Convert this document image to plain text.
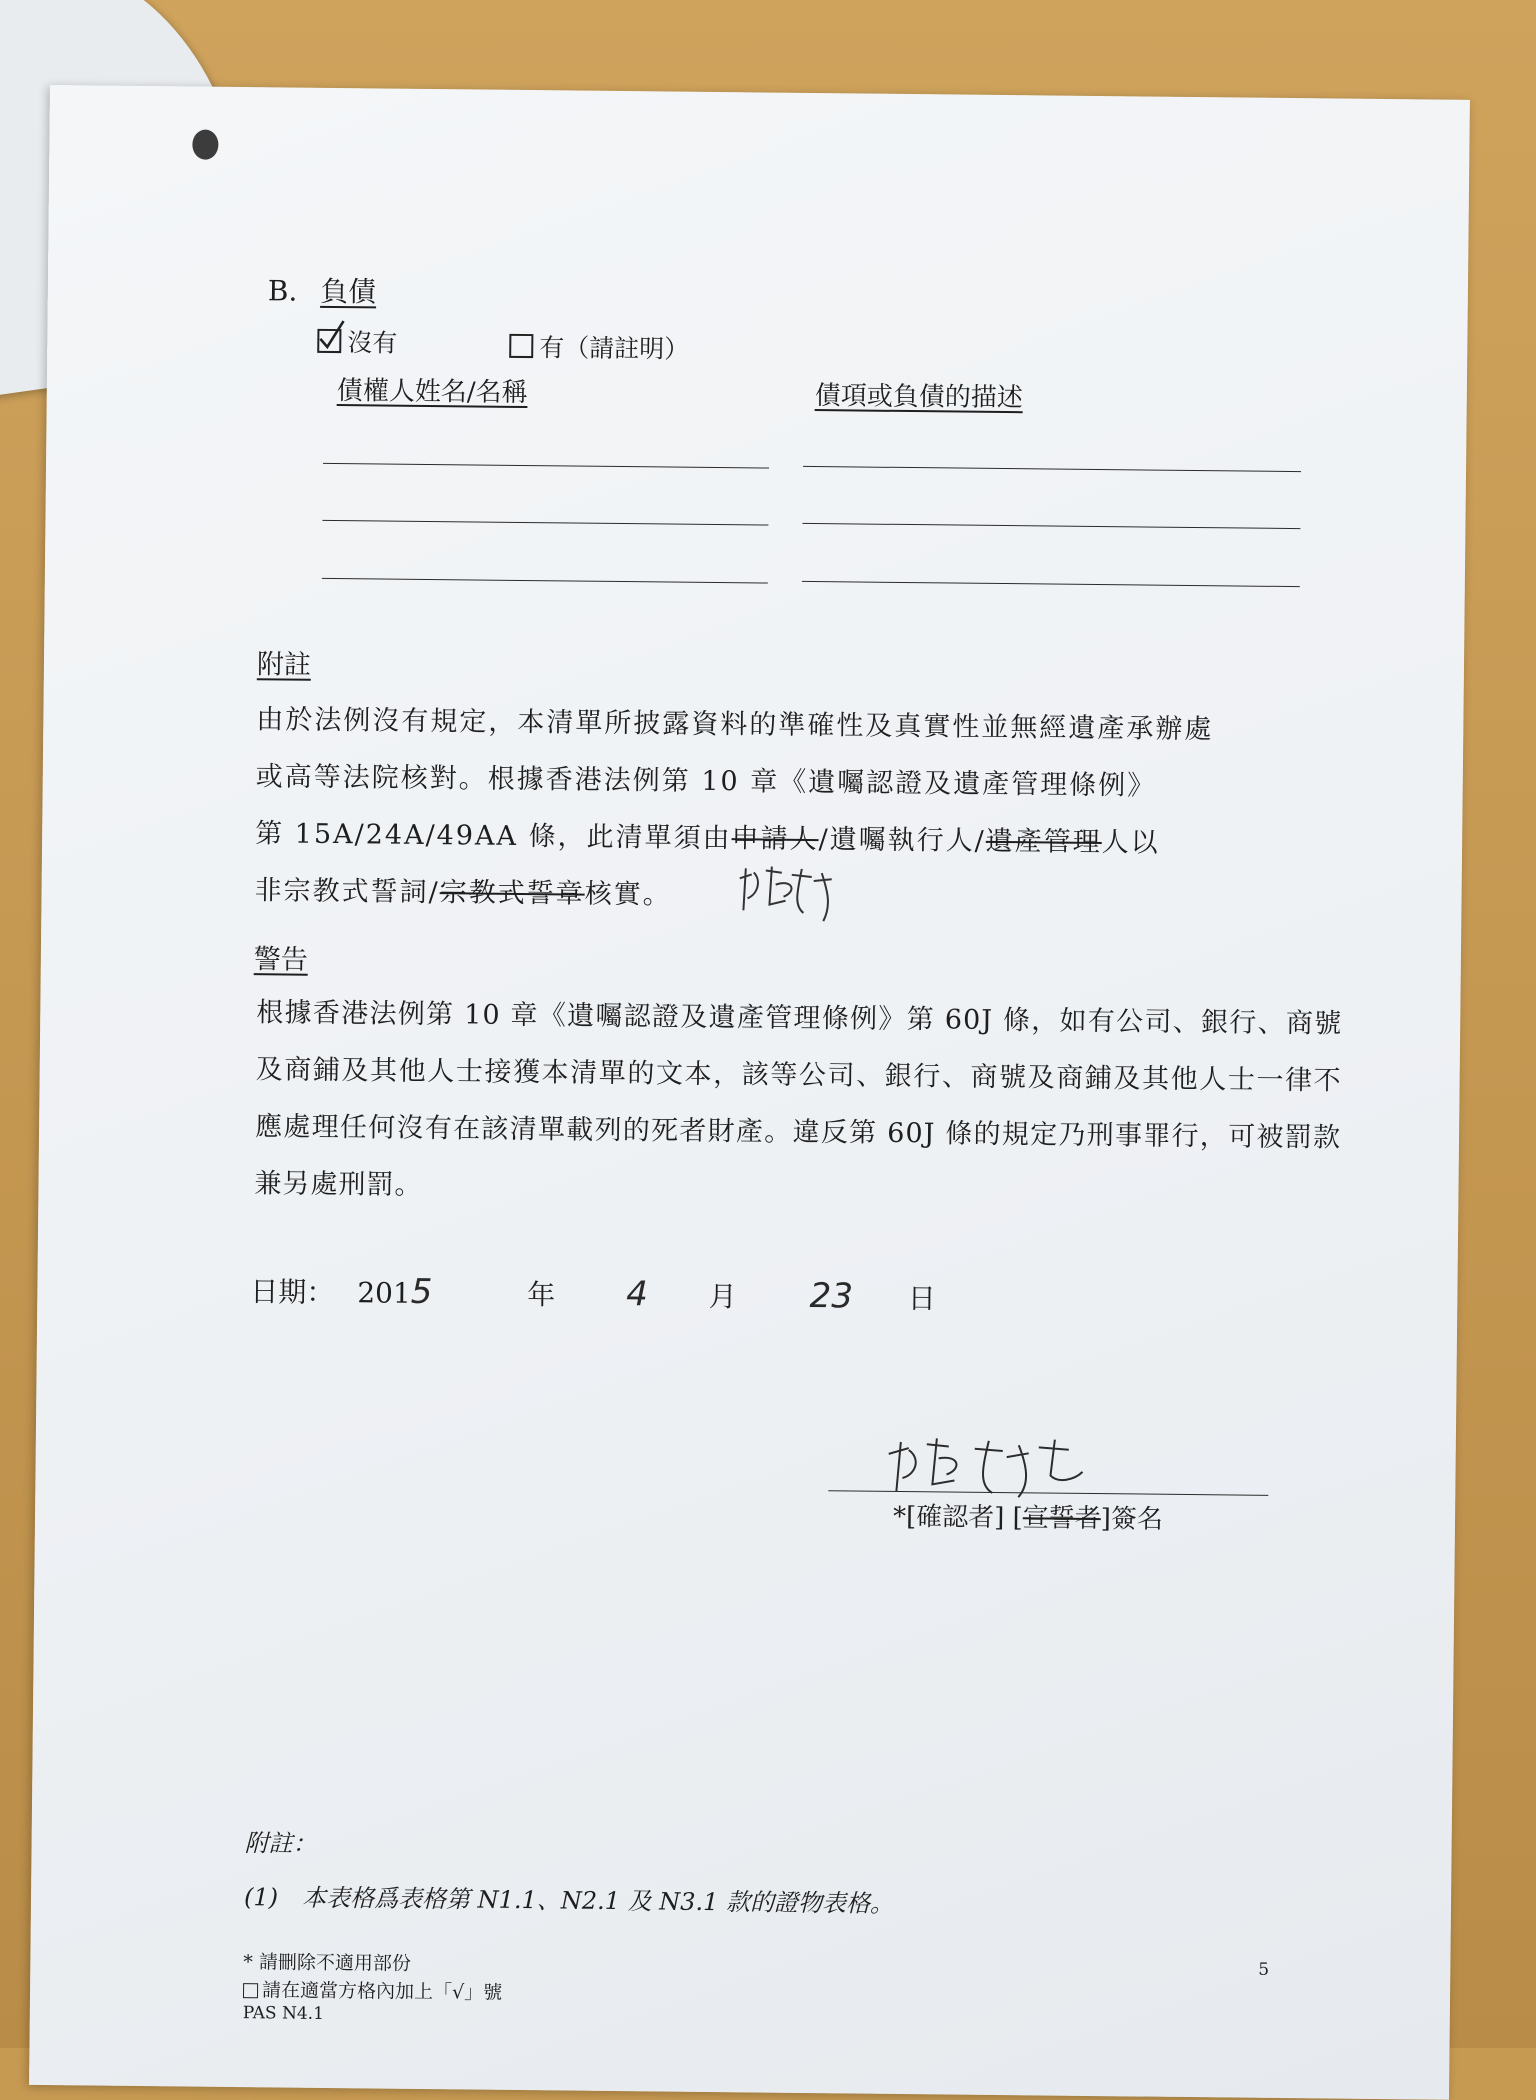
B. 負債
沒有	有（請註明）
債權人姓名/名稱	債項或負債的描述
附註
由於法例沒有規定，本清單所披露資料的準確性及真實性並無經遺產承辦處
或高等法院核對。根據香港法例第 10 章《遺囑認證及遺產管理條例》
第 15A/24A/49AA 條，此清單須由申請人/遺囑執行人/遺產管理人以
非宗教式誓詞/宗教式誓章核實。
警告
根據香港法例第 10 章《遺囑認證及遺產管理條例》第 60J 條，如有公司、銀行、商號及商鋪及其他人士接獲本清單的文本，該等公司、銀行、商號及商鋪及其他人士一律不應處理任何沒有在該清單載列的死者財產。違反第 60J 條的規定乃刑事罪行，可被罰款兼另處刑罰。
日期： 2015	年 4 月 23 日
*[確認者] [宣誓者]簽名
附註：
(1)　本表格爲表格第 N1.1、N2.1 及 N3.1 款的證物表格。
* 請刪除不適用部份
請在適當方格內加上「√」號
PAS N4.1
5
